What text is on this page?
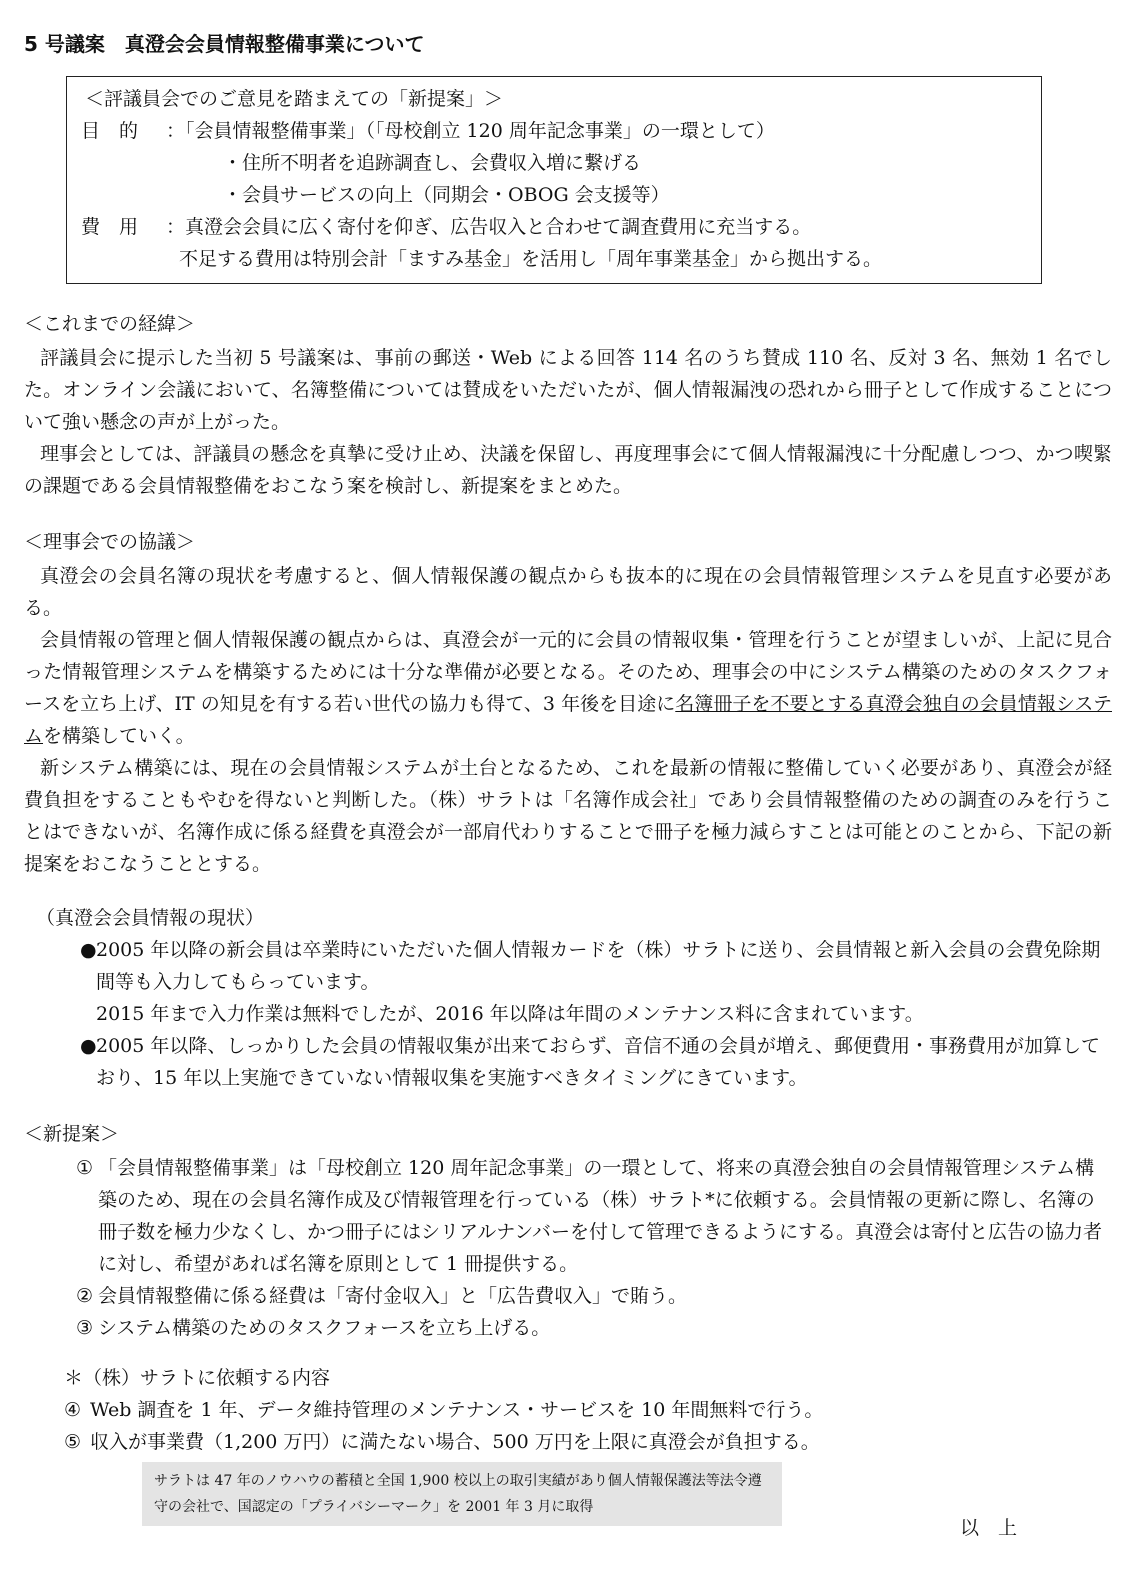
5 号議案　真澄会会員情報整備事業について
＜評議員会でのご意見を踏まえての「新提案」＞
目　的	：「会員情報整備事業」（「母校創立 120 周年記念事業」の一環として）
・住所不明者を追跡調査し、会費収入増に繋げる
・会員サービスの向上（同期会・OBOG 会支援等）
費　用	：真澄会会員に広く寄付を仰ぎ、広告収入と合わせて調査費用に充当する。
不足する費用は特別会計「ますみ基金」を活用し「周年事業基金」から拠出する。
＜これまでの経緯＞

評議員会に提示した当初 5 号議案は、事前の郵送・Web による回答 114 名のうち賛成 110 名、反対 3 名、無効 1 名でした。オンライン会議において、名簿整備については賛成をいただいたが、個人情報漏洩の恐れから冊子として作成することについて強い懸念の声が上がった。

理事会としては、評議員の懸念を真摯に受け止め、決議を保留し、再度理事会にて個人情報漏洩に十分配慮しつつ、かつ喫緊の課題である会員情報整備をおこなう案を検討し、新提案をまとめた。

＜理事会での協議＞

真澄会の会員名簿の現状を考慮すると、個人情報保護の観点からも抜本的に現在の会員情報管理システムを見直す必要がある。

会員情報の管理と個人情報保護の観点からは、真澄会が一元的に会員の情報収集・管理を行うことが望ましいが、上記に見合った情報管理システムを構築するためには十分な準備が必要となる。そのため、理事会の中にシステム構築のためのタスクフォースを立ち上げ、IT の知見を有する若い世代の協力も得て、3 年後を目途に名簿冊子を不要とする真澄会独自の会員情報システムを構築していく。

新システム構築には、現在の会員情報システムが土台となるため、これを最新の情報に整備していく必要があり、真澄会が経費負担をすることもやむを得ないと判断した。（株）サラトは「名簿作成会社」であり会員情報整備のための調査のみを行うことはできないが、名簿作成に係る経費を真澄会が一部肩代わりすることで冊子を極力減らすことは可能とのことから、下記の新提案をおこなうこととする。

（真澄会会員情報の現状）
● 2005 年以降の新会員は卒業時にいただいた個人情報カードを（株）サラトに送り、会員情報と新入会員の会費免除期間等も入力してもらっています。
2015 年まで入力作業は無料でしたが、2016 年以降は年間のメンテナンス料に含まれています。
● 2005 年以降、しっかりした会員の情報収集が出来ておらず、音信不通の会員が増え、郵便費用・事務費用が加算しており、15 年以上実施できていない情報収集を実施すべきタイミングにきています。
＜新提案＞
① 「会員情報整備事業」は「母校創立 120 周年記念事業」の一環として、将来の真澄会独自の会員情報管理システム構築のため、現在の会員名簿作成及び情報管理を行っている（株）サラト*に依頼する。会員情報の更新に際し、名簿の冊子数を極力少なくし、かつ冊子にはシリアルナンバーを付して管理できるようにする。真澄会は寄付と広告の協力者に対し、希望があれば名簿を原則として 1 冊提供する。
② 会員情報整備に係る経費は「寄付金収入」と「広告費収入」で賄う。
③ システム構築のためのタスクフォースを立ち上げる。
＊（株）サラトに依頼する内容
④ Web 調査を 1 年、データ維持管理のメンテナンス・サービスを 10 年間無料で行う。
⑤ 収入が事業費（1,200 万円）に満たない場合、500 万円を上限に真澄会が負担する。
サラトは 47 年のノウハウの蓄積と全国 1,900 校以上の取引実績があり個人情報保護法等法令遵守の会社で、国認定の「プライバシーマーク」を 2001 年 3 月に取得
以　上
